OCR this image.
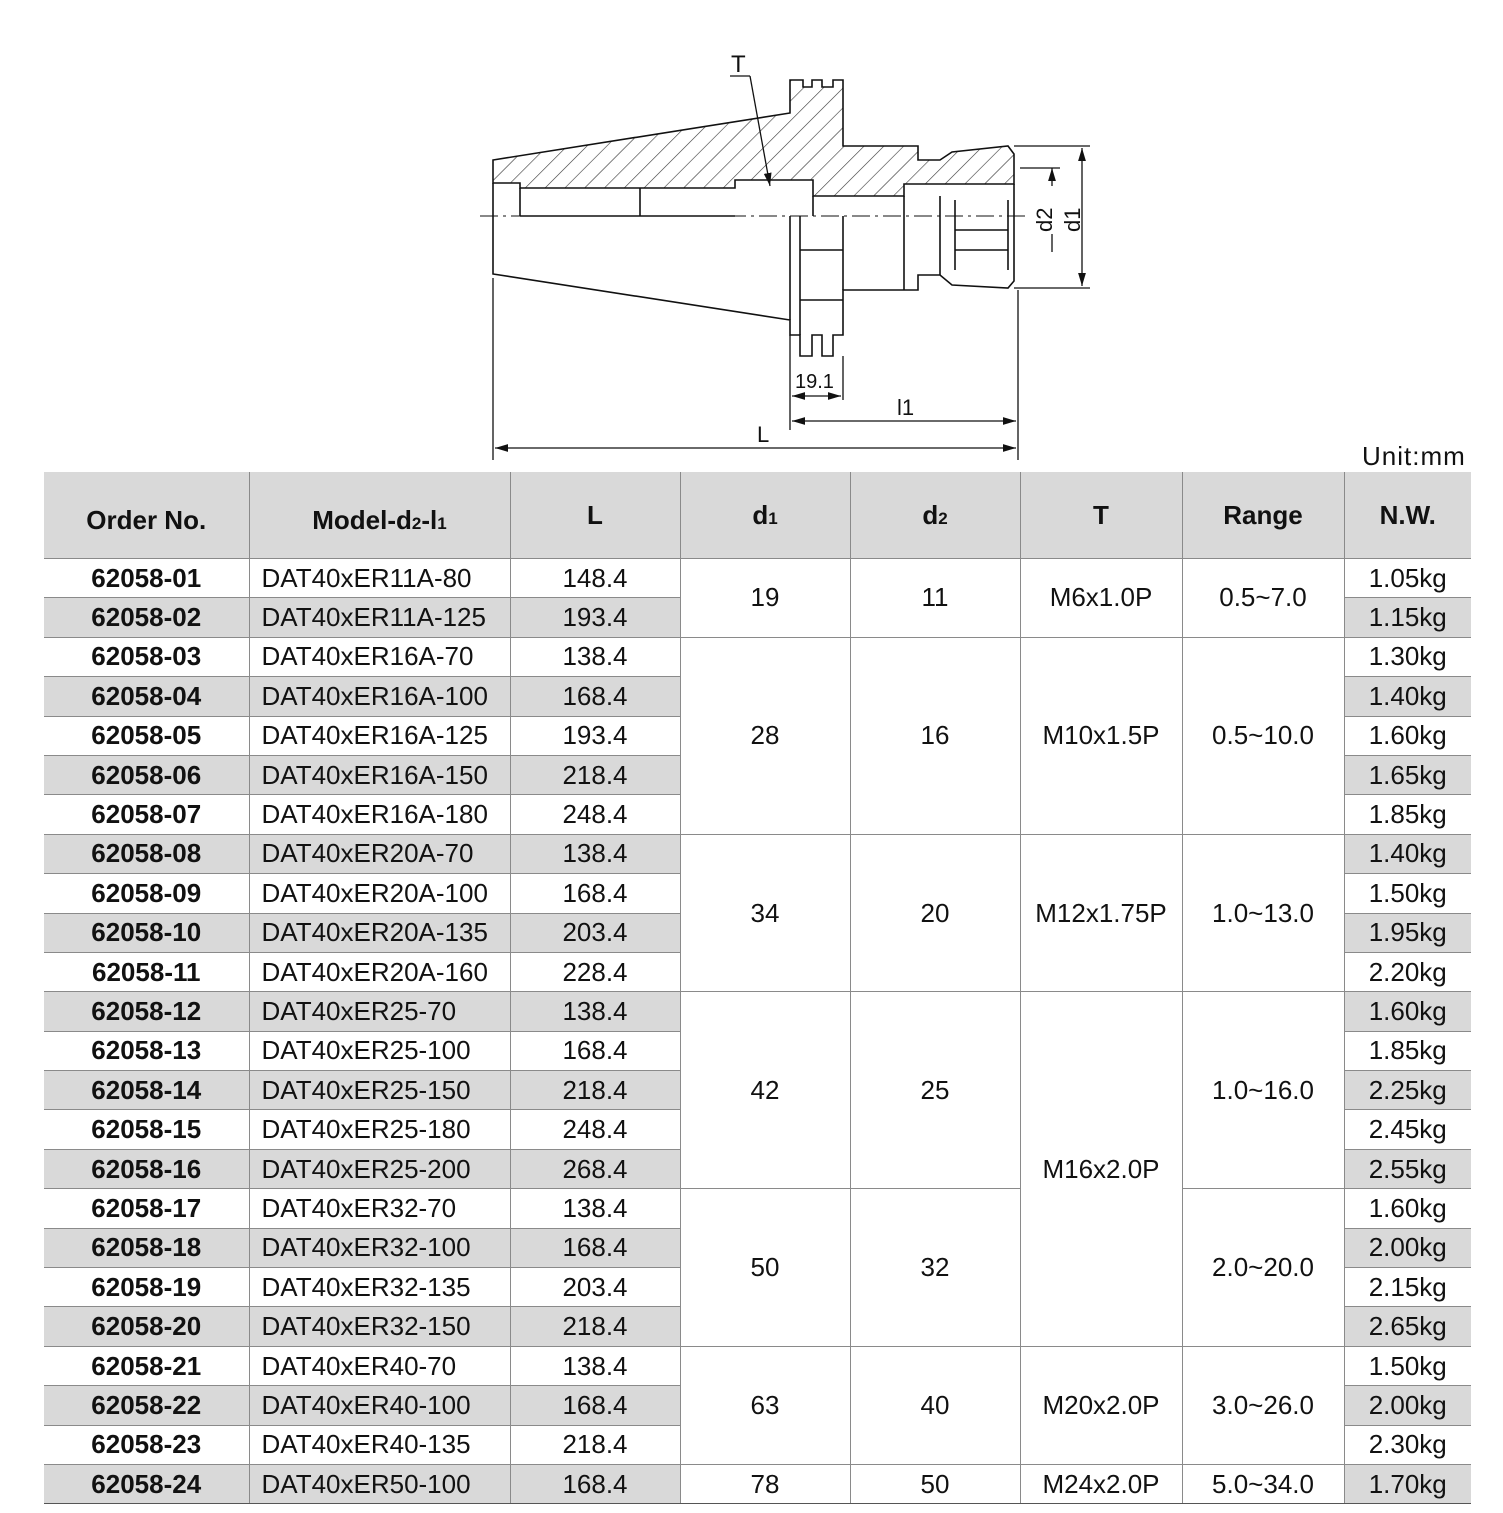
T
d2 d1
19.1
l1
L
Unit:mm
Order No.	Model-d2-l1	L	d1	d2	T	Range	N.W.
62058-01	DAT40xER11A-80	148.4	19	11	M6x1.0P	0.5~7.0	1.05kg
62058-02	DAT40xER11A-125	193.4					1.15kg
62058-03	DAT40xER16A-70	138.4	28	16	M10x1.5P	0.5~10.0	1.30kg
62058-04	DAT40xER16A-100	168.4					1.40kg
62058-05	DAT40xER16A-125	193.4					1.60kg
62058-06	DAT40xER16A-150	218.4					1.65kg
62058-07	DAT40xER16A-180	248.4					1.85kg
62058-08	DAT40xER20A-70	138.4	34	20	M12x1.75P	1.0~13.0	1.40kg
62058-09	DAT40xER20A-100	168.4					1.50kg
62058-10	DAT40xER20A-135	203.4					1.95kg
62058-11	DAT40xER20A-160	228.4					2.20kg
62058-12	DAT40xER25-70	138.4	42	25	M16x2.0P	1.0~16.0	1.60kg
62058-13	DAT40xER25-100	168.4					1.85kg
62058-14	DAT40xER25-150	218.4					2.25kg
62058-15	DAT40xER25-180	248.4					2.45kg
62058-16	DAT40xER25-200	268.4					2.55kg
62058-17	DAT40xER32-70	138.4	50	32		2.0~20.0	1.60kg
62058-18	DAT40xER32-100	168.4					2.00kg
62058-19	DAT40xER32-135	203.4					2.15kg
62058-20	DAT40xER32-150	218.4					2.65kg
62058-21	DAT40xER40-70	138.4	63	40	M20x2.0P	3.0~26.0	1.50kg
62058-22	DAT40xER40-100	168.4					2.00kg
62058-23	DAT40xER40-135	218.4					2.30kg
62058-24	DAT40xER50-100	168.4	78	50	M24x2.0P	5.0~34.0	1.70kg
